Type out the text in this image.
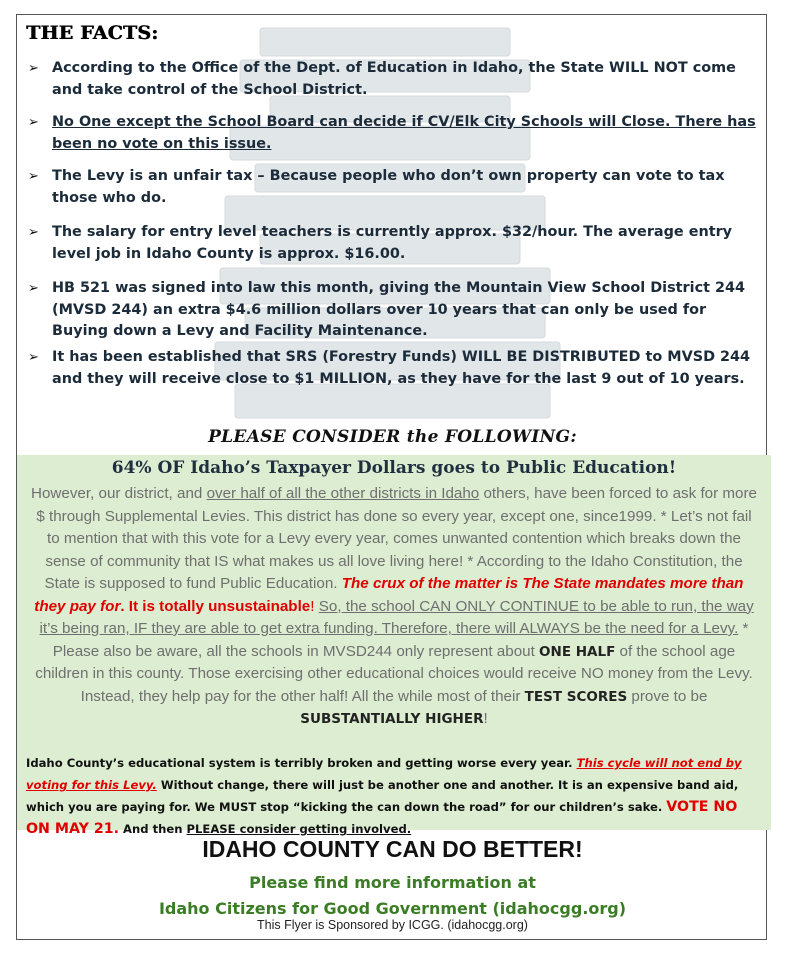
THE FACTS:
➢ According to the Office of the Dept. of Education in Idaho, the State WILL NOT come and take control of the School District.
➢ No One except the School Board can decide if CV/Elk City Schools will Close. There has been no vote on this issue.
➢ The Levy is an unfair tax – Because people who don’t own property can vote to tax those who do.
➢ The salary for entry level teachers is currently approx. $32/hour. The average entry level job in Idaho County is approx. $16.00.
➢ HB 521 was signed into law this month, giving the Mountain View School District 244 (MVSD 244) an extra $4.6 million dollars over 10 years that can only be used for Buying down a Levy and Facility Maintenance.
➢ It has been established that SRS (Forestry Funds) WILL BE DISTRIBUTED to MVSD 244 and they will receive close to $1 MILLION, as they have for the last 9 out of 10 years.
PLEASE CONSIDER the FOLLOWING:
64% OF Idaho’s Taxpayer Dollars goes to Public Education!
However, our district, and over half of all the other districts in Idaho others, have been forced to ask for more $ through Supplemental Levies. This district has done so every year, except one, since1999. * Let’s not fail to mention that with this vote for a Levy every year, comes unwanted contention which breaks down the sense of community that IS what makes us all love living here! * According to the Idaho Constitution, the State is supposed to fund Public Education. The crux of the matter is The State mandates more than they pay for. It is totally unsustainable! So, the school CAN ONLY CONTINUE to be able to run, the way it’s being ran, IF they are able to get extra funding. Therefore, there will ALWAYS be the need for a Levy. * Please also be aware, all the schools in MVSD244 only represent about ONE HALF of the school age children in this county. Those exercising other educational choices would receive NO money from the Levy. Instead, they help pay for the other half! All the while most of their TEST SCORES prove to be
SUBSTANTIALLY HIGHER!
Idaho County’s educational system is terribly broken and getting worse every year. This cycle will not end by voting for this Levy. Without change, there will just be another one and another. It is an expensive band aid, which you are paying for. We MUST stop “kicking the can down the road” for our children’s sake. VOTE NO ON MAY 21. And then PLEASE consider getting involved.
IDAHO COUNTY CAN DO BETTER!
Please find more information at
Idaho Citizens for Good Government (idahocgg.org)
This Flyer is Sponsored by ICGG. (idahocgg.org)
